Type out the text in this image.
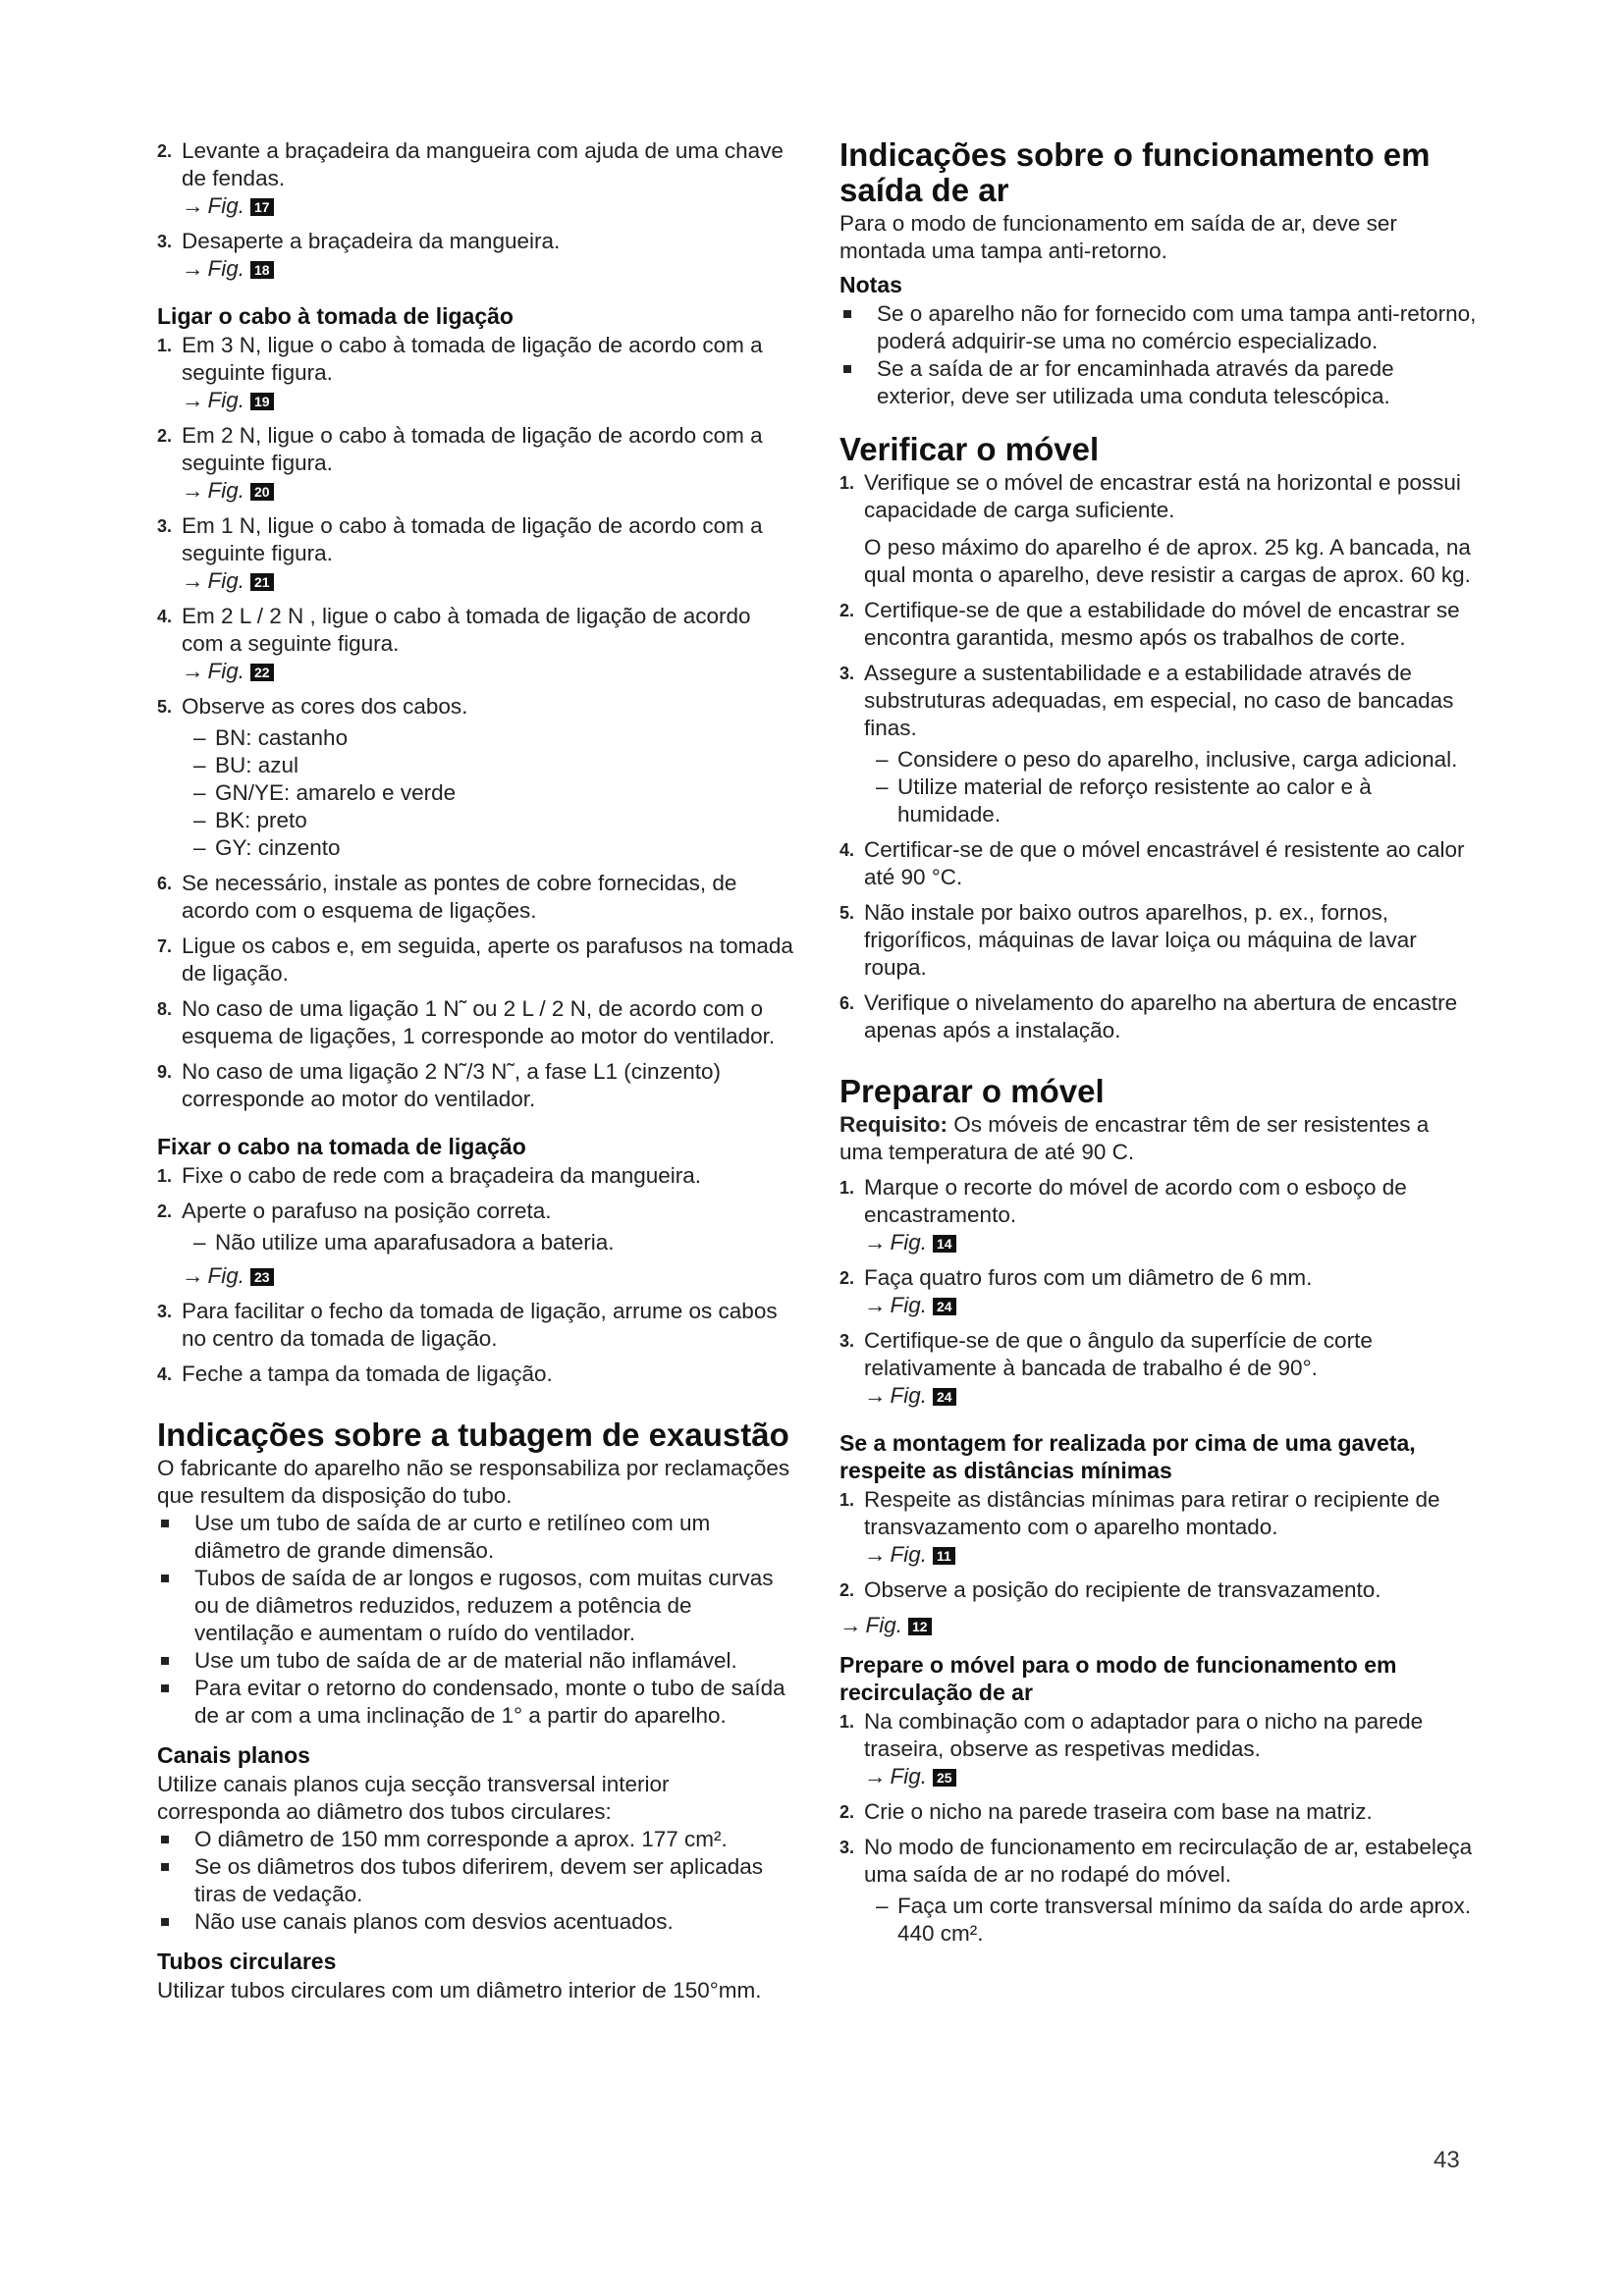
2. Levante a braçadeira da mangueira com ajuda de uma chave de fendas.
→ Fig. 17
3. Desaperte a braçadeira da mangueira.
→ Fig. 18
Ligar o cabo à tomada de ligação
1. Em 3 N, ligue o cabo à tomada de ligação de acordo com a seguinte figura.
→ Fig. 19
2. Em 2 N, ligue o cabo à tomada de ligação de acordo com a seguinte figura.
→ Fig. 20
3. Em 1 N, ligue o cabo à tomada de ligação de acordo com a seguinte figura.
→ Fig. 21
4. Em 2 L / 2 N , ligue o cabo à tomada de ligação de acordo com a seguinte figura.
→ Fig. 22
5. Observe as cores dos cabos.
– BN: castanho
– BU: azul
– GN/YE: amarelo e verde
– BK: preto
– GY: cinzento
6. Se necessário, instale as pontes de cobre fornecidas, de acordo com o esquema de ligações.
7. Ligue os cabos e, em seguida, aperte os parafusos na tomada de ligação.
8. No caso de uma ligação 1 N˜ ou 2 L / 2 N, de acordo com o esquema de ligações, 1 corresponde ao motor do ventilador.
9. No caso de uma ligação 2 N˜/3 N˜, a fase L1 (cinzento) corresponde ao motor do ventilador.
Fixar o cabo na tomada de ligação
1. Fixe o cabo de rede com a braçadeira da mangueira.
2. Aperte o parafuso na posição correta.
– Não utilize uma aparafusadora a bateria.
→ Fig. 23
3. Para facilitar o fecho da tomada de ligação, arrume os cabos no centro da tomada de ligação.
4. Feche a tampa da tomada de ligação.
Indicações sobre a tubagem de exaustão

O fabricante do aparelho não se responsabiliza por reclamações que resultem da disposição do tubo.

Use um tubo de saída de ar curto e retilíneo com um diâmetro de grande dimensão.
Tubos de saída de ar longos e rugosos, com muitas curvas ou de diâmetros reduzidos, reduzem a potência de ventilação e aumentam o ruído do ventilador.
Use um tubo de saída de ar de material não inflamável.
Para evitar o retorno do condensado, monte o tubo de saída de ar com a uma inclinação de 1° a partir do aparelho.
Canais planos

Utilize canais planos cuja secção transversal interior corresponda ao diâmetro dos tubos circulares:

O diâmetro de 150 mm corresponde a aprox. 177 cm².
Se os diâmetros dos tubos diferirem, devem ser aplicadas tiras de vedação.
Não use canais planos com desvios acentuados.
Tubos circulares

Utilizar tubos circulares com um diâmetro interior de 150°mm.

Indicações sobre o funcionamento em saída de ar

Para o modo de funcionamento em saída de ar, deve ser montada uma tampa anti-retorno.

Notas
Se o aparelho não for fornecido com uma tampa anti-retorno, poderá adquirir-se uma no comércio especializado.
Se a saída de ar for encaminhada através da parede exterior, deve ser utilizada uma conduta telescópica.
Verificar o móvel
1. Verifique se o móvel de encastrar está na horizontal e possui capacidade de carga suficiente.

O peso máximo do aparelho é de aprox. 25 kg. A bancada, na qual monta o aparelho, deve resistir a cargas de aprox. 60 kg.

2. Certifique-se de que a estabilidade do móvel de encastrar se encontra garantida, mesmo após os trabalhos de corte.
3. Assegure a sustentabilidade e a estabilidade através de substruturas adequadas, em especial, no caso de bancadas finas.
– Considere o peso do aparelho, inclusive, carga adicional.
– Utilize material de reforço resistente ao calor e à humidade.
4. Certificar-se de que o móvel encastrável é resistente ao calor até 90 °C.
5. Não instale por baixo outros aparelhos, p. ex., fornos, frigoríficos, máquinas de lavar loiça ou máquina de lavar roupa.
6. Verifique o nivelamento do aparelho na abertura de encastre apenas após a instalação.
Preparar o móvel

Requisito: Os móveis de encastrar têm de ser resistentes a uma temperatura de até 90 C.

1. Marque o recorte do móvel de acordo com o esboço de encastramento.
→ Fig. 14
2. Faça quatro furos com um diâmetro de 6 mm.
→ Fig. 24
3. Certifique-se de que o ângulo da superfície de corte relativamente à bancada de trabalho é de 90°.
→ Fig. 24
Se a montagem for realizada por cima de uma gaveta, respeite as distâncias mínimas
1. Respeite as distâncias mínimas para retirar o recipiente de transvazamento com o aparelho montado.
→ Fig. 11
2. Observe a posição do recipiente de transvazamento.
→ Fig. 12
Prepare o móvel para o modo de funcionamento em recirculação de ar
1. Na combinação com o adaptador para o nicho na parede traseira, observe as respetivas medidas.
→ Fig. 25
2. Crie o nicho na parede traseira com base na matriz.
3. No modo de funcionamento em recirculação de ar, estabeleça uma saída de ar no rodapé do móvel.
– Faça um corte transversal mínimo da saída do arde aprox. 440 cm².
43
